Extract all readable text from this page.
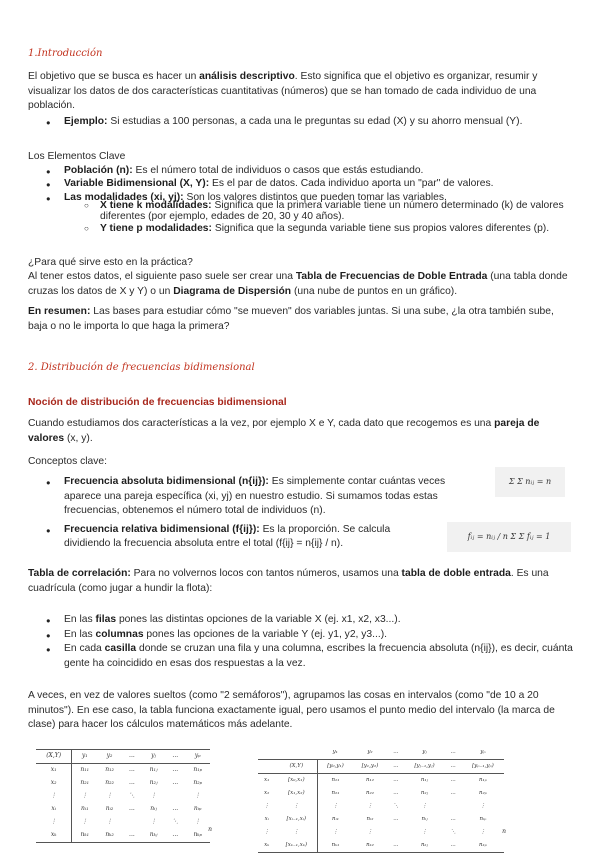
1.Introducción

El objetivo que se busca es hacer un análisis descriptivo. Esto significa que el objetivo es organizar, resumir y visualizar los datos de dos características cuantitativas (números) que se han tomado de cada individuo de una población.

● Ejemplo: Si estudias a 100 personas, a cada una le preguntas su edad (X) y su ahorro mensual (Y).

Los Elementos Clave

● Población (n): Es el número total de individuos o casos que estás estudiando.
● Variable Bidimensional (X, Y): Es el par de datos. Cada individuo aporta un "par" de valores.
● Las modalidades (xi, yj): Son los valores distintos que pueden tomar las variables.
○ X tiene k modalidades: Significa que la primera variable tiene un número determinado (k) de valores diferentes (por ejemplo, edades de 20, 30 y 40 años).
○ Y tiene p modalidades: Significa que la segunda variable tiene sus propios valores diferentes (p).

¿Para qué sirve esto en la práctica?

Al tener estos datos, el siguiente paso suele ser crear una Tabla de Frecuencias de Doble Entrada (una tabla donde cruzas los datos de X y Y) o un Diagrama de Dispersión (una nube de puntos en un gráfico).

En resumen: Las bases para estudiar cómo "se mueven" dos variables juntas. Si una sube, ¿la otra también sube, baja o no le importa lo que haga la primera?

2. Distribución de frecuencias bidimensional

Noción de distribución de frecuencias bidimensional

Cuando estudiamos dos características a la vez, por ejemplo X e Y, cada dato que recogemos es una pareja de valores (x, y).

Conceptos clave:

● Frecuencia absoluta bidimensional (n{ij}): Es simplemente contar cuántas veces aparece una pareja específica (xi, yj) en nuestro estudio. Si sumamos todas estas frecuencias, obtenemos el número total de individuos (n).
● Frecuencia relativa bidimensional (f{ij}): Es la proporción. Se calcula dividiendo la frecuencia absoluta entre el total (f{ij} = n{ij} / n).
Σ Σ nᵢⱼ = n
fᵢⱼ = nᵢⱼ / n Σ Σ fᵢⱼ = 1

Tabla de correlación: Para no volvernos locos con tantos números, usamos una tabla de doble entrada. Es una cuadrícula (como jugar a hundir la flota):

● En las filas pones las distintas opciones de la variable X (ej. x1, x2, x3...).
● En las columnas pones las opciones de la variable Y (ej. y1, y2, y3...).
● En cada casilla donde se cruzan una fila y una columna, escribes la frecuencia absoluta (n{ij}), es decir, cuánta gente ha coincidido en esas dos respuestas a la vez.

A veces, en vez de valores sueltos (como "2 semáforos"), agrupamos las cosas en intervalos (como "de 10 a 20 minutos"). En ese caso, la tabla funciona exactamente igual, pero usamos el punto medio del intervalo (la marca de clase) para hacer los cálculos matemáticos más adelante.

(X,Y)	y₁	y₂	...	yⱼ	...	yₚ
x₁	n₁₁	n₁₂	...	n₁ⱼ	...	n₁ₚ
x₂	n₂₁	n₂₂	...	n₂ⱼ	...	n₂ₚ
⋮	⋮	⋮	⋱	⋮		⋮
xᵢ	nᵢ₁	nᵢ₂	...	nᵢⱼ	...	nᵢₚ
⋮	⋮	⋮		⋮	⋱	⋮
xₖ	nₖ₁	nₖ₂	...	nₖⱼ	...	nₖₚ
n
		y₁	y₂	...	yⱼ	...	yₚ
	(X,Y)	[y₀,y₁)	[y₁,y₂)	...	[yⱼ₋₁,yⱼ)	...	[yₚ₋₁,yₚ)
x₁	[x₀,x₁)	n₁₁	n₁₂	...	n₁ⱼ	...	n₁ₚ
x₂	[x₁,x₂)	n₂₁	n₂₂	...	n₂ⱼ	...	n₂ₚ
⋮	⋮	⋮	⋮	⋱	⋮		⋮
xᵢ	[xᵢ₋₁,xᵢ)	nᵢ₁	nᵢ₂	...	nᵢⱼ	...	nᵢₚ
⋮	⋮	⋮	⋮		⋮	⋱	⋮
xₖ	[xₖ₋₁,xₖ)	nₖ₁	nₖ₂	...	nₖⱼ	...	nₖₚ
n
